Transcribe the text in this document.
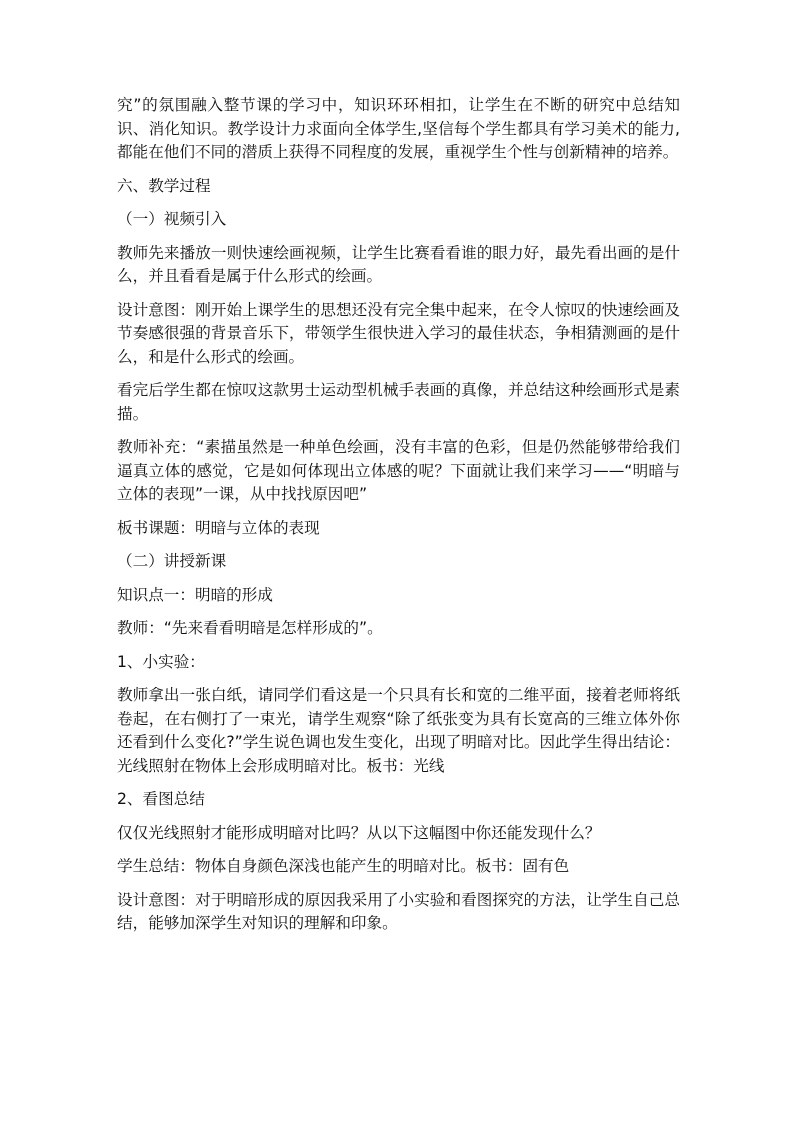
究”的氛围融入整节课的学习中，知识环环相扣，让学生在不断的研究中总结知识、消化知识。教学设计力求面向全体学生,坚信每个学生都具有学习美术的能力,都能在他们不同的潜质上获得不同程度的发展，重视学生个性与创新精神的培养。

六、教学过程

（一）视频引入

教师先来播放一则快速绘画视频，让学生比赛看看谁的眼力好，最先看出画的是什么，并且看看是属于什么形式的绘画。

设计意图：刚开始上课学生的思想还没有完全集中起来，在令人惊叹的快速绘画及节奏感很强的背景音乐下，带领学生很快进入学习的最佳状态，争相猜测画的是什么，和是什么形式的绘画。

看完后学生都在惊叹这款男士运动型机械手表画的真像，并总结这种绘画形式是素描。

教师补充：“素描虽然是一种单色绘画，没有丰富的色彩，但是仍然能够带给我们逼真立体的感觉，它是如何体现出立体感的呢？下面就让我们来学习——“明暗与立体的表现”一课，从中找找原因吧”

板书课题：明暗与立体的表现

（二）讲授新课

知识点一：明暗的形成

教师：“先来看看明暗是怎样形成的”。

1、小实验：

教师拿出一张白纸，请同学们看这是一个只具有长和宽的二维平面，接着老师将纸卷起，在右侧打了一束光，请学生观察“除了纸张变为具有长宽高的三维立体外你还看到什么变化?”学生说色调也发生变化，出现了明暗对比。因此学生得出结论：光线照射在物体上会形成明暗对比。板书：光线

2、看图总结

仅仅光线照射才能形成明暗对比吗？从以下这幅图中你还能发现什么？

学生总结：物体自身颜色深浅也能产生的明暗对比。板书：固有色

设计意图：对于明暗形成的原因我采用了小实验和看图探究的方法，让学生自己总结，能够加深学生对知识的理解和印象。
